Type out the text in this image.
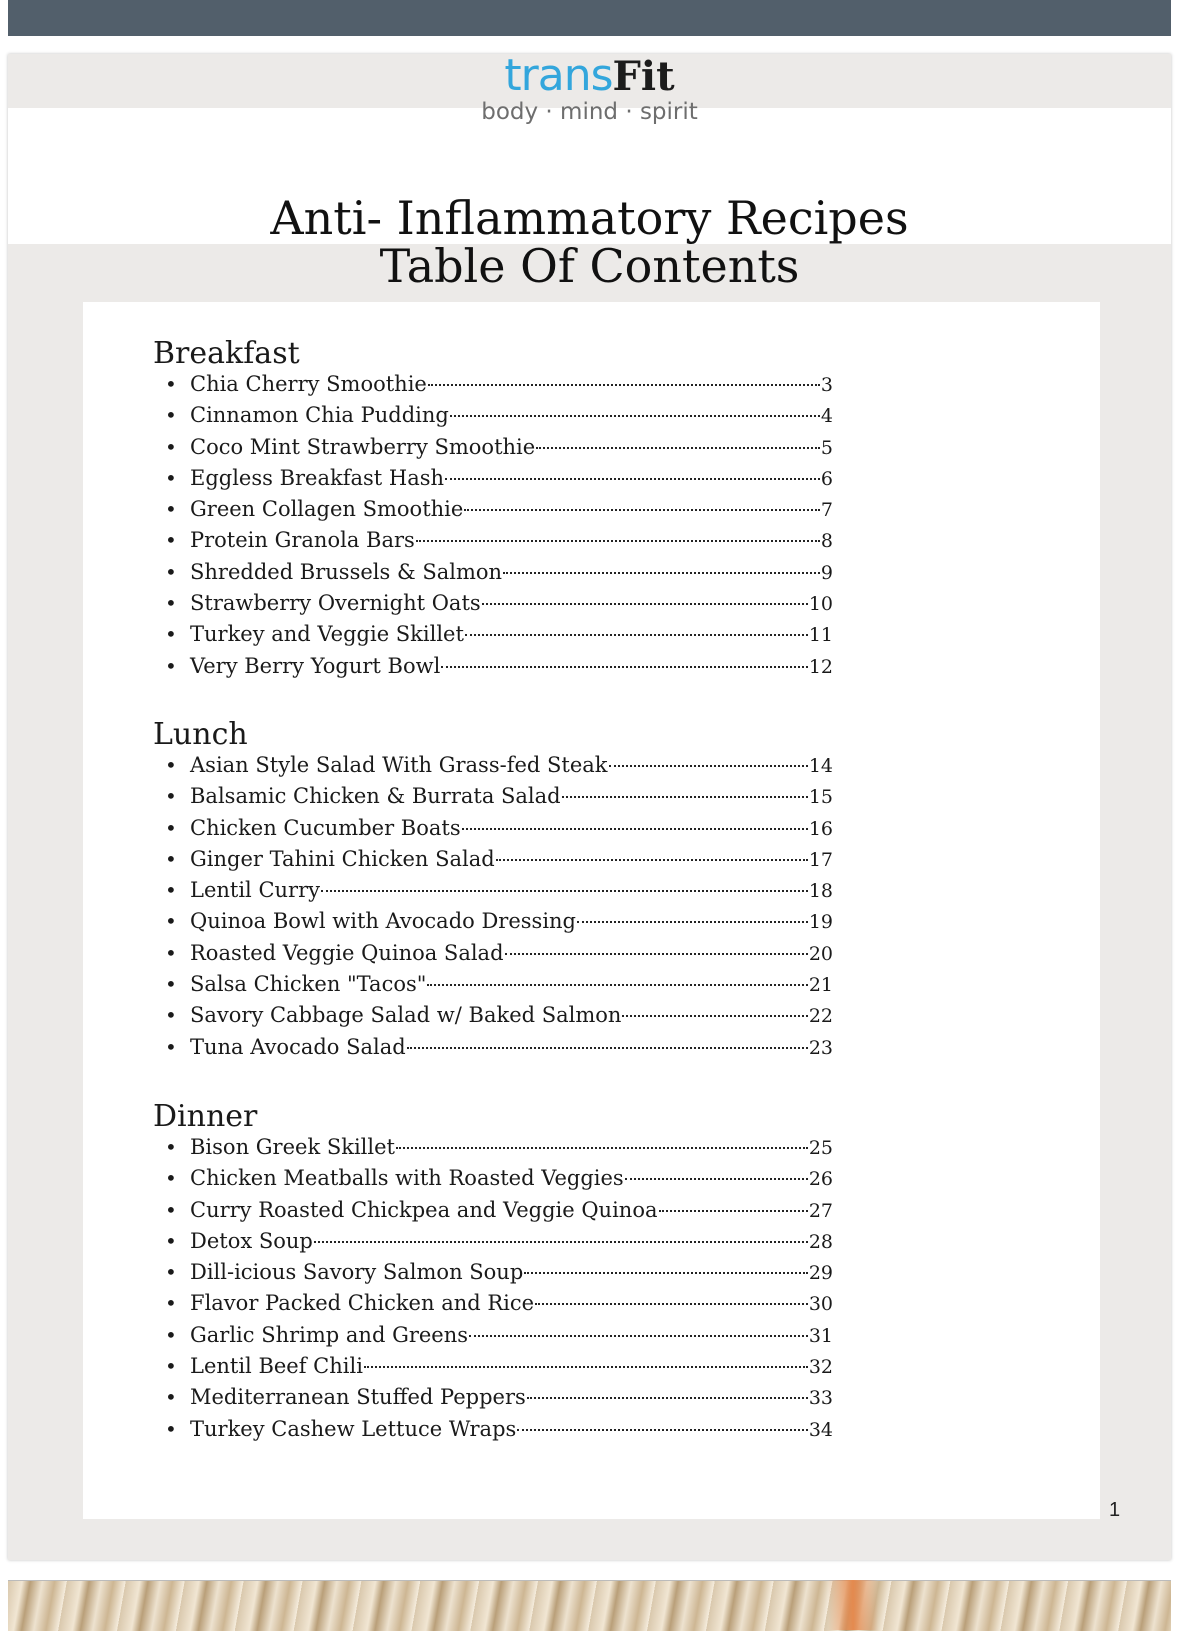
transFit
body · mind · spirit
Anti- Inflammatory Recipes
Table Of Contents
Breakfast
• Chia Cherry Smoothie	3
• Cinnamon Chia Pudding	4
• Coco Mint Strawberry Smoothie	5
• Eggless Breakfast Hash	6
• Green Collagen Smoothie	7
• Protein Granola Bars	8
• Shredded Brussels & Salmon	9
• Strawberry Overnight Oats	10
• Turkey and Veggie Skillet	11
• Very Berry Yogurt Bowl	12
Lunch
• Asian Style Salad With Grass-fed Steak	14
• Balsamic Chicken & Burrata Salad	15
• Chicken Cucumber Boats	16
• Ginger Tahini Chicken Salad	17
• Lentil Curry	18
• Quinoa Bowl with Avocado Dressing	19
• Roasted Veggie Quinoa Salad	20
• Salsa Chicken "Tacos"	21
• Savory Cabbage Salad w/ Baked Salmon	22
• Tuna Avocado Salad	23
Dinner
• Bison Greek Skillet	25
• Chicken Meatballs with Roasted Veggies	26
• Curry Roasted Chickpea and Veggie Quinoa	27
• Detox Soup	28
• Dill-icious Savory Salmon Soup	29
• Flavor Packed Chicken and Rice	30
• Garlic Shrimp and Greens	31
• Lentil Beef Chili	32
• Mediterranean Stuffed Peppers	33
• Turkey Cashew Lettuce Wraps	34
1
